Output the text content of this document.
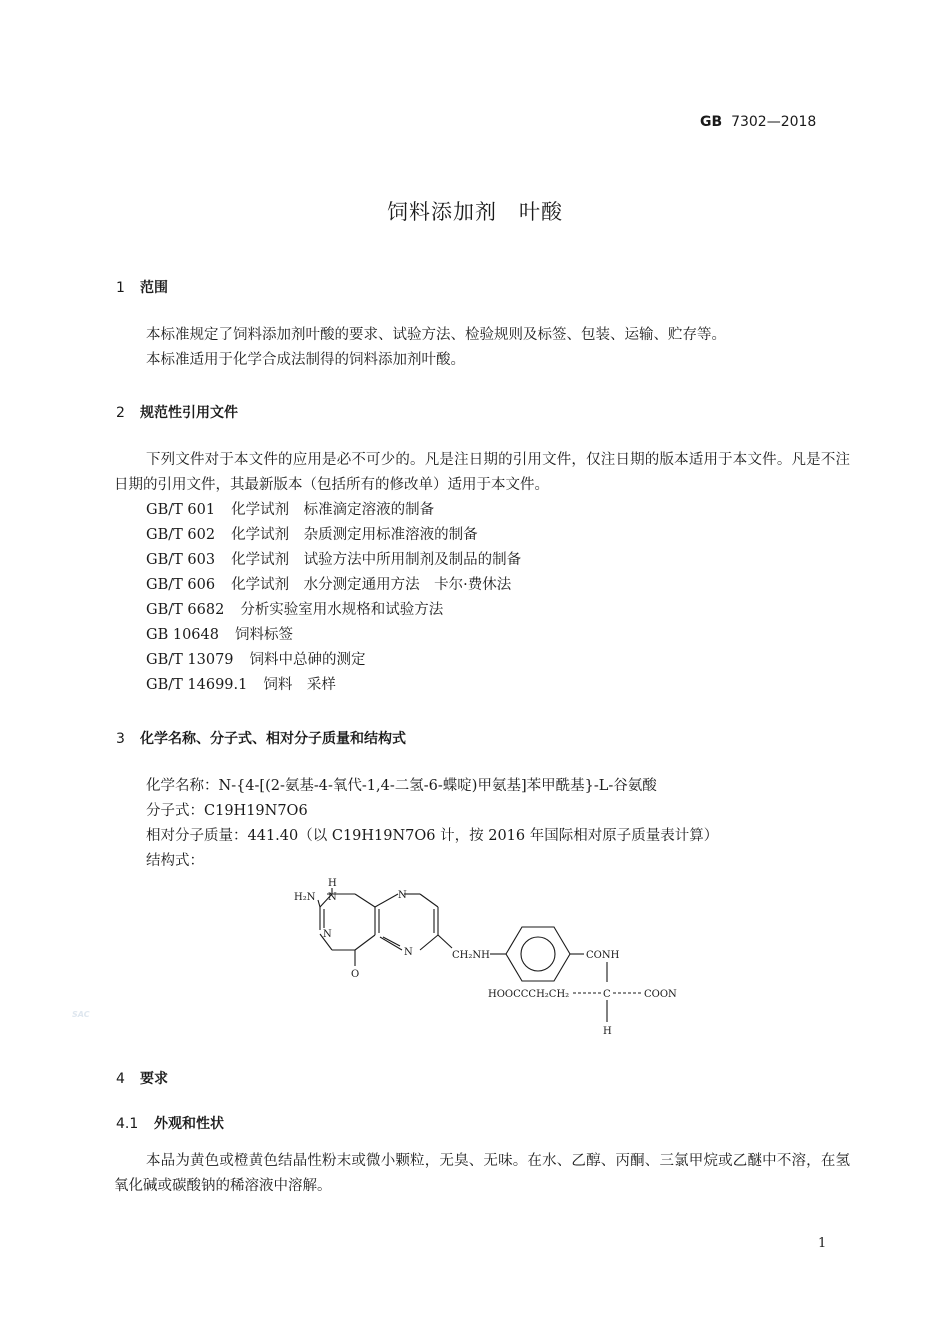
GB 7302—2018
饲料添加剂　叶酸
1 范围
本标准规定了饲料添加剂叶酸的要求、试验方法、检验规则及标签、包装、运输、贮存等。
本标准适用于化学合成法制得的饲料添加剂叶酸。
2 规范性引用文件
下列文件对于本文件的应用是必不可少的。凡是注日期的引用文件，仅注日期的版本适用于本文件。凡是不注日期的引用文件，其最新版本（包括所有的修改单）适用于本文件。
GB/T 601 化学试剂　标准滴定溶液的制备
GB/T 602 化学试剂　杂质测定用标准溶液的制备
GB/T 603 化学试剂　试验方法中所用制剂及制品的制备
GB/T 606 化学试剂　水分测定通用方法　卡尔·费休法
GB/T 6682 分析实验室用水规格和试验方法
GB 10648 饲料标签
GB/T 13079 饲料中总砷的测定
GB/T 14699.1 饲料　采样
3 化学名称、分子式、相对分子质量和结构式
化学名称：N-{4-[(2-氨基-4-氧代-1,4-二氢-6-蝶啶)甲氨基]苯甲酰基}-L-谷氨酸
分子式：C19H19N7O6
相对分子质量：441.40（以 C19H19N7O6 计，按 2016 年国际相对原子质量表计算）
结构式：
H
N
H₂N
N
O
N
N	CH₂NH	CONH
HOOCCCH₂CH₂	C	COON
H
SAC
4 要求
4.1 外观和性状
本品为黄色或橙黄色结晶性粉末或微小颗粒，无臭、无味。在水、乙醇、丙酮、三氯甲烷或乙醚中不溶，在氢氧化碱或碳酸钠的稀溶液中溶解。
1
